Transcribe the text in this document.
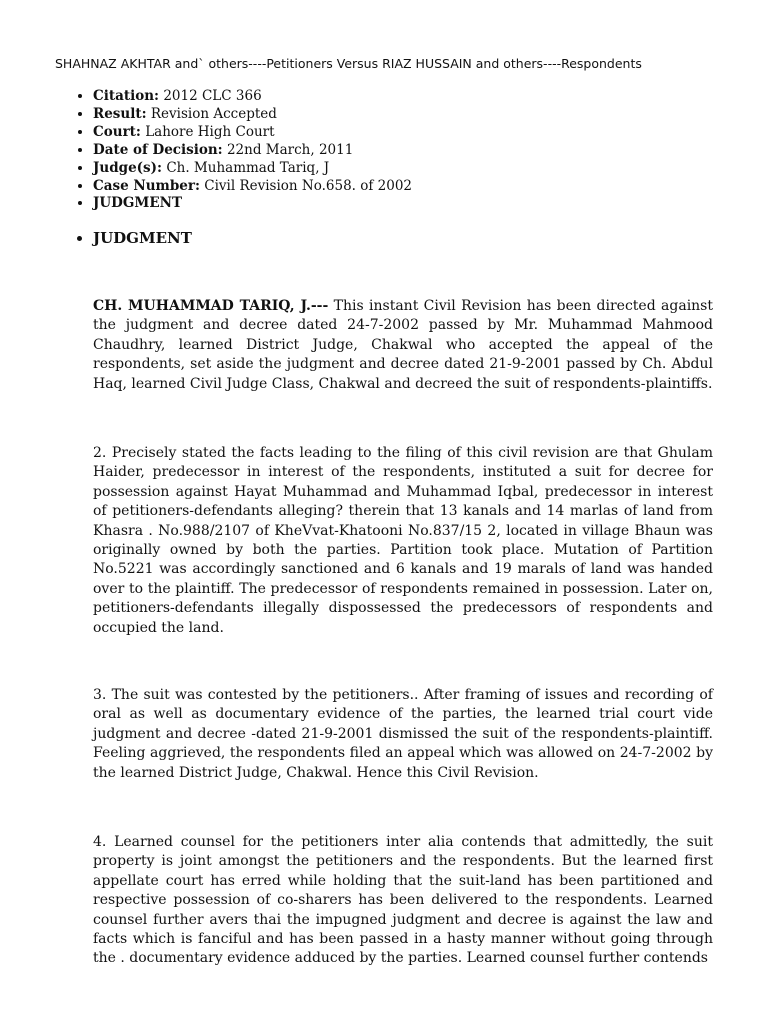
SHAHNAZ AKHTAR and` others----Petitioners Versus RIAZ HUSSAIN and others----Respondents
• Citation: 2012 CLC 366
• Result: Revision Accepted
• Court: Lahore High Court
• Date of Decision: 22nd March, 2011
• Judge(s): Ch. Muhammad Tariq, J
• Case Number: Civil Revision No.658. of 2002
• JUDGMENT
• JUDGMENT

CH. MUHAMMAD TARIQ, J.--- This instant Civil Revision has been directed against the judgment and decree dated 24-7-2002 passed by Mr. Muhammad Mahmood Chaudhry, learned District Judge, Chakwal who accepted the appeal of the respondents, set aside the judgment and decree dated 21-9-2001 passed by Ch. Abdul Haq, learned Civil Judge Class, Chakwal and decreed the suit of respondents-plaintiffs.

2. Precisely stated the facts leading to the filing of this civil revision are that Ghulam Haider, predecessor in interest of the respondents, instituted a suit for decree for possession against Hayat Muhammad and Muhammad Iqbal, predecessor in interest of petitioners-defendants alleging? therein that 13 kanals and 14 marlas of land from Khasra . No.988/2107 of KheVvat-Khatooni No.837/15 2, located in village Bhaun was originally owned by both the parties. Partition took place. Mutation of Partition No.5221 was accordingly sanctioned and 6 kanals and 19 marals of land was handed over to the plaintiff. The predecessor of respondents remained in possession. Later on, petitioners-defendants illegally dispossessed the predecessors of respondents and occupied the land.

3. The suit was contested by the petitioners.. After framing of issues and recording of oral as well as documentary evidence of the parties, the learned trial court vide judgment and decree -dated 21-9-2001 dismissed the suit of the respondents-plaintiff. Feeling aggrieved, the respondents filed an appeal which was allowed on 24-7-2002 by the learned District Judge, Chakwal. Hence this Civil Revision.

4. Learned counsel for the petitioners inter alia contends that admittedly, the suit property is joint amongst the petitioners and the respondents. But the learned first appellate court has erred while holding that the suit-land has been partitioned and respective possession of co-sharers has been delivered to the respondents. Learned counsel further avers thai the impugned judgment and decree is against the law and facts which is fanciful and has been passed in a hasty manner without going through the . documentary evidence adduced by the parties. Learned counsel further contends
